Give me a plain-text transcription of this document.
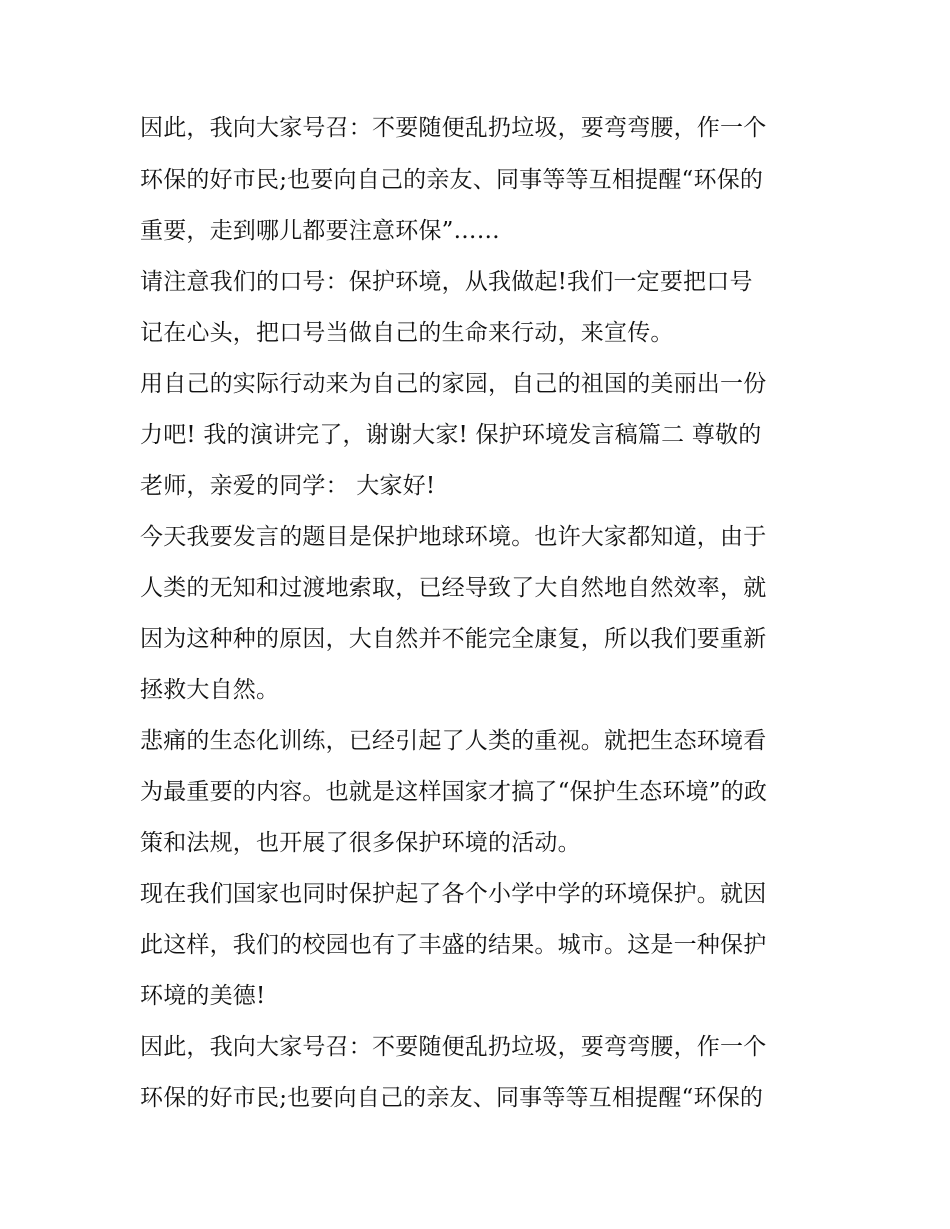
因此，我向大家号召：不要随便乱扔垃圾，要弯弯腰，作一个
环保的好市民;也要向自己的亲友、同事等等互相提醒“环保的
重要，走到哪儿都要注意环保”……
请注意我们的口号：保护环境，从我做起!我们一定要把口号
记在心头，把口号当做自己的生命来行动，来宣传。
用自己的实际行动来为自己的家园，自己的祖国的美丽出一份
力吧! 我的演讲完了，谢谢大家! 保护环境发言稿篇二 尊敬的
老师，亲爱的同学： 大家好!
今天我要发言的题目是保护地球环境。也许大家都知道，由于
人类的无知和过渡地索取，已经导致了大自然地自然效率，就
因为这种种的原因，大自然并不能完全康复，所以我们要重新
拯救大自然。
悲痛的生态化训练，已经引起了人类的重视。就把生态环境看
为最重要的内容。也就是这样国家才搞了“保护生态环境”的政
策和法规，也开展了很多保护环境的活动。
现在我们国家也同时保护起了各个小学中学的环境保护。就因
此这样，我们的校园也有了丰盛的结果。城市。这是一种保护
环境的美德!
因此，我向大家号召：不要随便乱扔垃圾，要弯弯腰，作一个
环保的好市民;也要向自己的亲友、同事等等互相提醒“环保的
